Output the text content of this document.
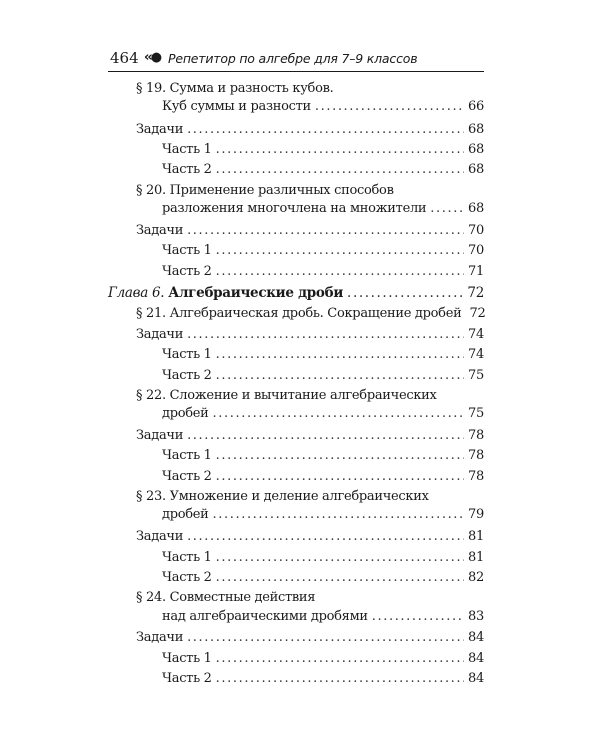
464 ‹‹● Репетитор по алгебре для 7–9 классов
§ 19. Сумма и разность кубов.
Куб суммы и разности .....	66
Задачи .....	68
Часть 1 .....	68
Часть 2 .....	68
§ 20. Применение различных способов
разложения многочлена на множители .....	68
Задачи .....	70
Часть 1 .....	70
Часть 2 .....	71
Глава 6. Алгебраические дроби .....	72
§ 21. Алгебраическая дробь. Сокращение дробей 72
Задачи .....	74
Часть 1 .....	74
Часть 2 .....	75
§ 22. Сложение и вычитание алгебраических
дробей .....	75
Задачи .....	78
Часть 1 .....	78
Часть 2 .....	78
§ 23. Умножение и деление алгебраических
дробей .....	79
Задачи .....	81
Часть 1 .....	81
Часть 2 .....	82
§ 24. Совместные действия
над алгебраическими дробями .....	83
Задачи .....	84
Часть 1 .....	84
Часть 2 .....	84
